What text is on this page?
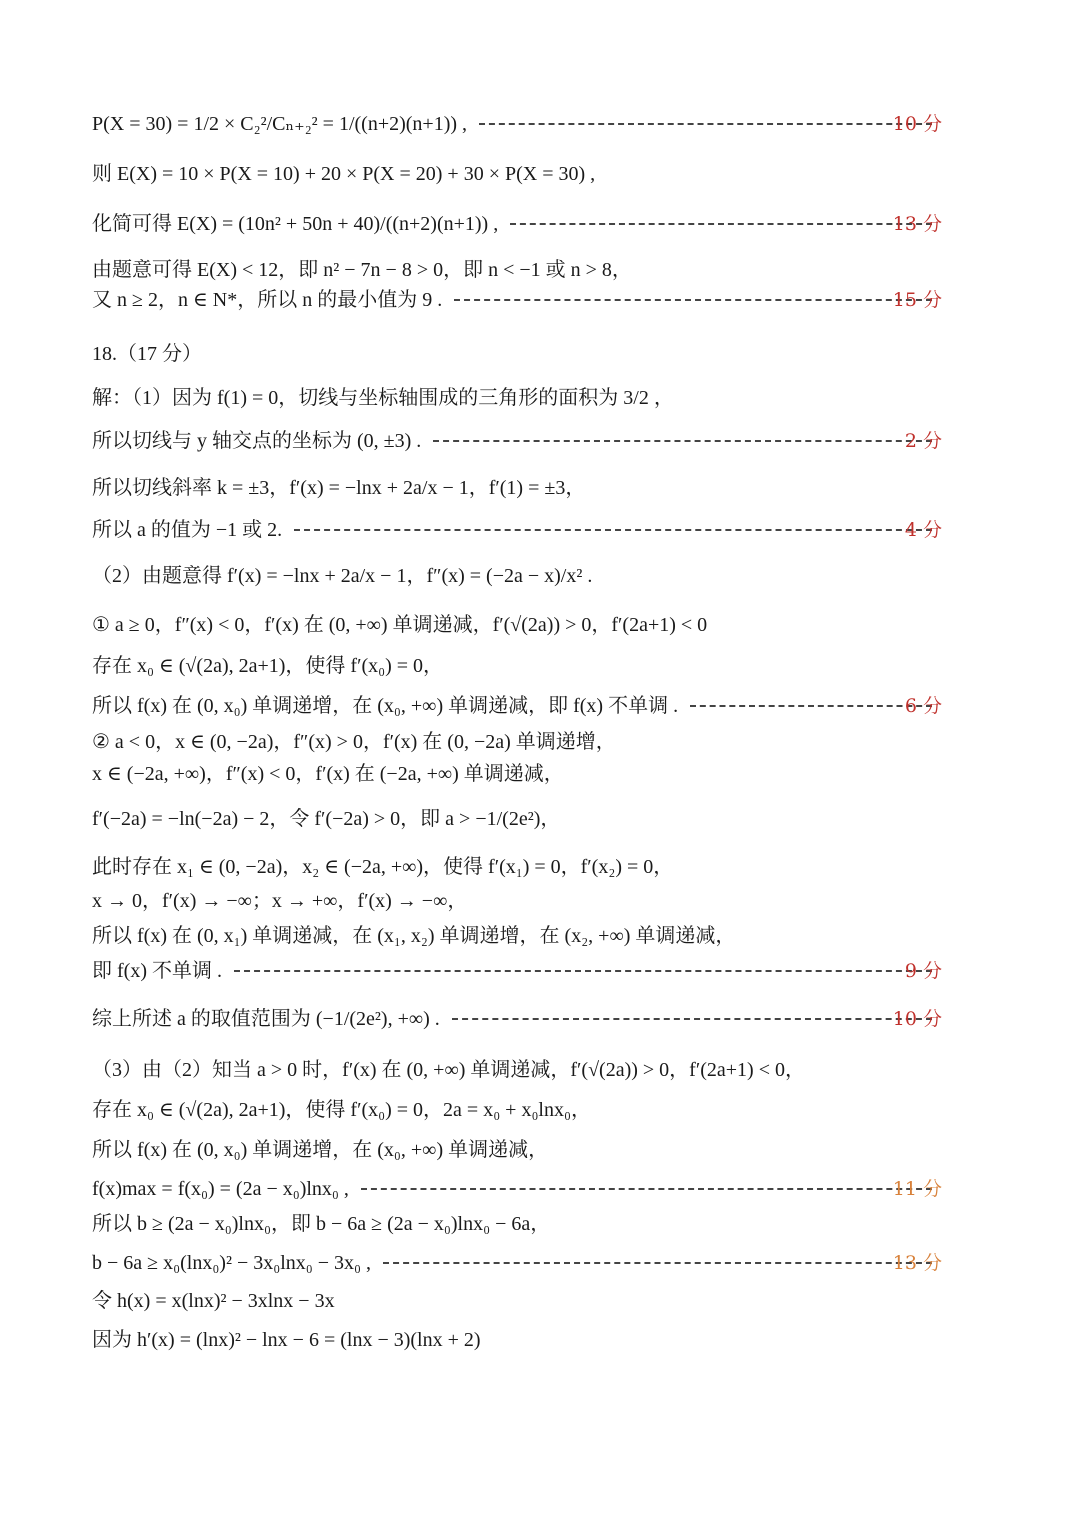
P(X = 30) = 1/2 × C₂²/Cₙ₊₂² = 1/((n+2)(n+1)) ,	10 分
则 E(X) = 10 × P(X = 10) + 20 × P(X = 20) + 30 × P(X = 30) ,
化简可得 E(X) = (10n² + 50n + 40)/((n+2)(n+1)) ,	13 分
由题意可得 E(X) < 12，即 n² − 7n − 8 > 0，即 n < −1 或 n > 8，
又 n ≥ 2，n ∈ N*，所以 n 的最小值为 9 .	15 分
18.（17 分）
解：（1）因为 f(1) = 0，切线与坐标轴围成的三角形的面积为 3/2 ，
所以切线与 y 轴交点的坐标为 (0, ±3) .	2 分
所以切线斜率 k = ±3，f′(x) = −lnx + 2a/x − 1，f′(1) = ±3，
所以 a 的值为 −1 或 2.	4 分
（2）由题意得 f′(x) = −lnx + 2a/x − 1，f″(x) = (−2a − x)/x² .
① a ≥ 0，f″(x) < 0，f′(x) 在 (0, +∞) 单调递减，f′(√(2a)) > 0，f′(2a+1) < 0
存在 x₀ ∈ (√(2a), 2a+1)，使得 f′(x₀) = 0，
所以 f(x) 在 (0, x₀) 单调递增，在 (x₀, +∞) 单调递减，即 f(x) 不单调 .	6 分
② a < 0，x ∈ (0, −2a)，f″(x) > 0，f′(x) 在 (0, −2a) 单调递增，
x ∈ (−2a, +∞)，f″(x) < 0，f′(x) 在 (−2a, +∞) 单调递减，
f′(−2a) = −ln(−2a) − 2，令 f′(−2a) > 0，即 a > −1/(2e²)，
此时存在 x₁ ∈ (0, −2a)，x₂ ∈ (−2a, +∞)，使得 f′(x₁) = 0，f′(x₂) = 0，
x → 0，f′(x) → −∞；x → +∞，f′(x) → −∞，
所以 f(x) 在 (0, x₁) 单调递减，在 (x₁, x₂) 单调递增，在 (x₂, +∞) 单调递减，
即 f(x) 不单调 .	9 分
综上所述 a 的取值范围为 (−1/(2e²), +∞) .	10 分
（3）由（2）知当 a > 0 时，f′(x) 在 (0, +∞) 单调递减，f′(√(2a)) > 0，f′(2a+1) < 0，
存在 x₀ ∈ (√(2a), 2a+1)，使得 f′(x₀) = 0，2a = x₀ + x₀lnx₀，
所以 f(x) 在 (0, x₀) 单调递增，在 (x₀, +∞) 单调递减，
f(x)max = f(x₀) = (2a − x₀)lnx₀ ,	11 分
所以 b ≥ (2a − x₀)lnx₀，即 b − 6a ≥ (2a − x₀)lnx₀ − 6a，
b − 6a ≥ x₀(lnx₀)² − 3x₀lnx₀ − 3x₀ ,	13 分
令 h(x) = x(lnx)² − 3xlnx − 3x
因为 h′(x) = (lnx)² − lnx − 6 = (lnx − 3)(lnx + 2)
